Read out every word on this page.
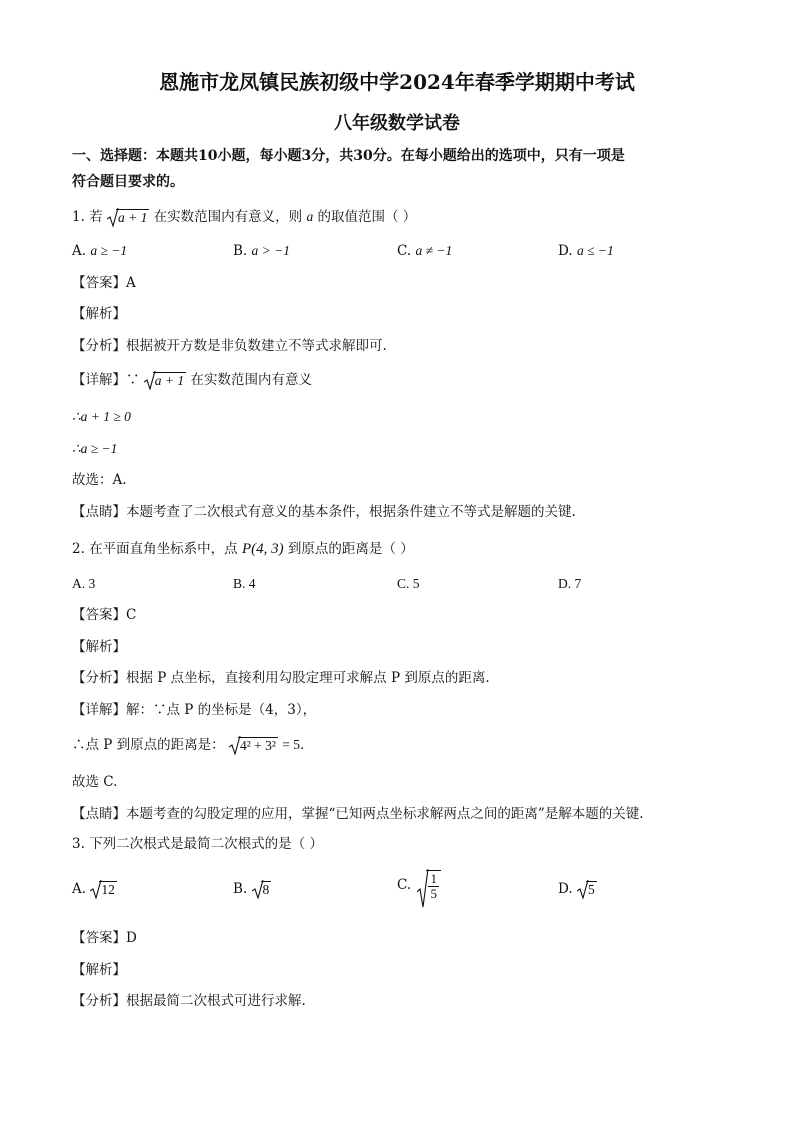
恩施市龙凤镇民族初级中学2024年春季学期期中考试
八年级数学试卷
一、选择题：本题共10小题，每小题3分，共30分。在每小题给出的选项中，只有一项是
符合题目要求的。
1. 若 a + 1 在实数范围内有意义，则 a 的取值范围（ ）
A. a ≥ −1	B. a > −1	C. a ≠ −1	D. a ≤ −1
【答案】A
【解析】
【分析】根据被开方数是非负数建立不等式求解即可.
【详解】∵ a + 1 在实数范围内有意义
∴a + 1 ≥ 0
∴a ≥ −1
故选：A.
【点睛】本题考查了二次根式有意义的基本条件，根据条件建立不等式是解题的关键.
2. 在平面直角坐标系中，点 P(4, 3) 到原点的距离是（ ）
A. 3	B. 4	C. 5	D. 7
【答案】C
【解析】
【分析】根据 P 点坐标，直接利用勾股定理可求解点 P 到原点的距离.
【详解】解：∵点 P 的坐标是（4，3），
∴点 P 到原点的距离是： 4² + 3² = 5.
故选 C.
【点睛】本题考查的勾股定理的应用，掌握“已知两点坐标求解两点之间的距离”是解本题的关键.
3. 下列二次根式是最简二次根式的是（ ）
A. 12	B. 8	C. $\frac{1}{5}$	D. 5
【答案】D
【解析】
【分析】根据最简二次根式可进行求解.
